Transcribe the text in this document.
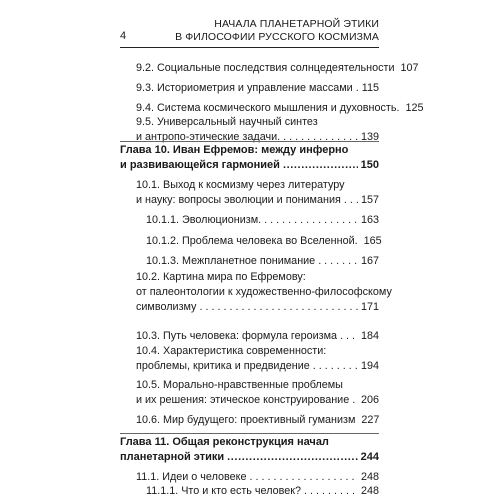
4
НАЧАЛА ПЛАНЕТАРНОЙ ЭТИКИ
В ФИЛОСОФИИ РУССКОГО КОСМИЗМА
9.2. Социальные последствия солнцедеятельности 107
9.3. Историометрия и управление массами . . . 115
9.4. Система космического мышления и духовность. 125
9.5. Универсальный научный синтез
и антропо-этические задачи. . . .	139
Глава 10. Иван Ефремов: между инферно
и развивающейся гармонией .....	150
10.1. Выход к космизму через литературу
и науку: вопросы эволюции и понимания . . . 157
10.1.1. Эволюционизм. . . .	163
10.1.2. Проблема человека во Вселенной. 165
10.1.3. Межпланетное понимание . . .	167
10.2. Картина мира по Ефремову:
от палеонтологии к художественно-философскому
символизму . . .	171
10.3. Путь человека: формула героизма . . . 184
10.4. Характеристика современности:
проблемы, критика и предвидение . . .	194
10.5. Морально-нравственные проблемы
и их решения: этическое конструирование . . . 206
10.6. Мир будущего: проективный гуманизм 227
Глава 11. Общая реконструкция начал
планетарной этики .....	244
11.1. Идеи о человеке . . .	248
11.1.1. Что и кто есть человек? . . .	248
